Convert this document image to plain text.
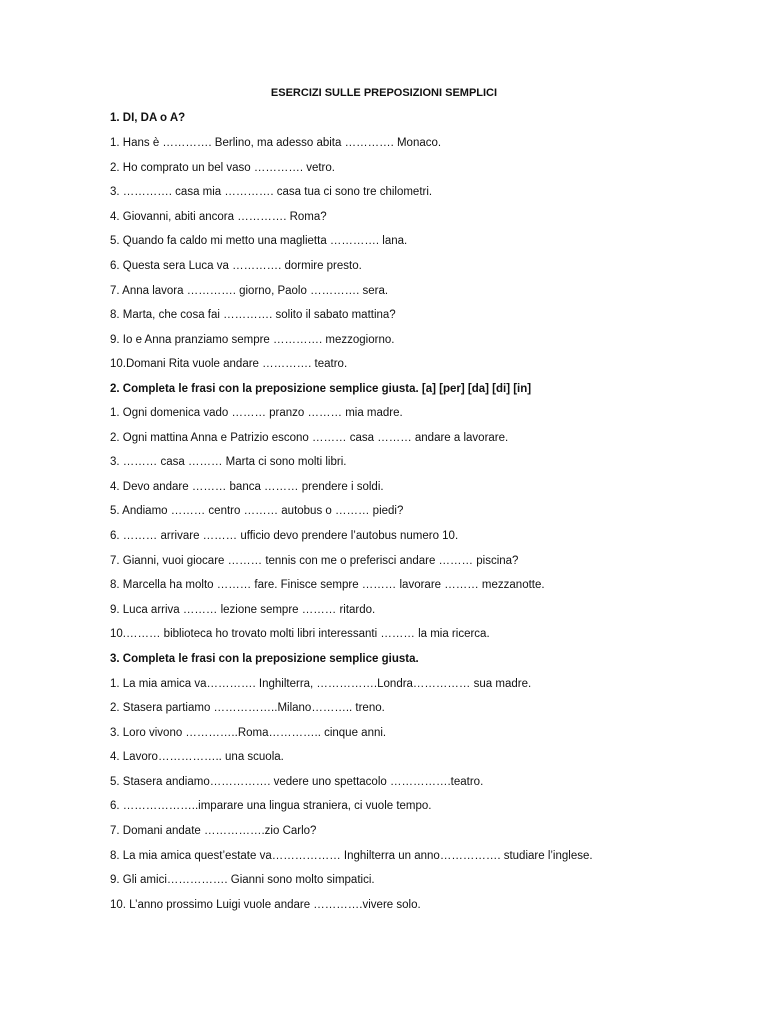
ESERCIZI SULLE PREPOSIZIONI SEMPLICI
1. DI, DA o A?
1. Hans è …………. Berlino, ma adesso abita …………. Monaco.
2. Ho comprato un bel vaso …………. vetro.
3. …………. casa mia …………. casa tua ci sono tre chilometri.
4. Giovanni, abiti ancora …………. Roma?
5. Quando fa caldo mi metto una maglietta …………. lana.
6. Questa sera Luca va …………. dormire presto.
7. Anna lavora …………. giorno, Paolo …………. sera.
8. Marta, che cosa fai …………. solito il sabato mattina?
9. Io e Anna pranziamo sempre …………. mezzogiorno.
10.Domani Rita vuole andare …………. teatro.
2. Completa le frasi con la preposizione semplice giusta. [a] [per] [da] [di] [in]
1. Ogni domenica vado ……… pranzo ……… mia madre.
2. Ogni mattina Anna e Patrizio escono ……… casa ……… andare a lavorare.
3. ……… casa ……… Marta ci sono molti libri.
4. Devo andare ……… banca ……… prendere i soldi.
5. Andiamo ……… centro ……… autobus o ……… piedi?
6. ……… arrivare ……… ufficio devo prendere l’autobus numero 10.
7. Gianni, vuoi giocare ……… tennis con me o preferisci andare ……… piscina?
8. Marcella ha molto ……… fare. Finisce sempre ……… lavorare ……… mezzanotte.
9. Luca arriva ……… lezione sempre ……… ritardo.
10.……… biblioteca ho trovato molti libri interessanti ……… la mia ricerca.
3. Completa le frasi con la preposizione semplice giusta.
1. La mia amica va…………. Inghilterra, …………….Londra…………… sua madre.
2. Stasera partiamo ……………..Milano……….. treno.
3. Loro vivono …………..Roma………….. cinque anni.
4. Lavoro…………….. una scuola.
5. Stasera andiamo……………. vedere uno spettacolo …………….teatro.
6. ………………..imparare una lingua straniera, ci vuole tempo.
7. Domani andate …………….zio Carlo?
8. La mia amica quest’estate va……………… Inghilterra un anno……………. studiare l’inglese.
9. Gli amici……………. Gianni sono molto simpatici.
10. L’anno prossimo Luigi vuole andare ………….vivere solo.
